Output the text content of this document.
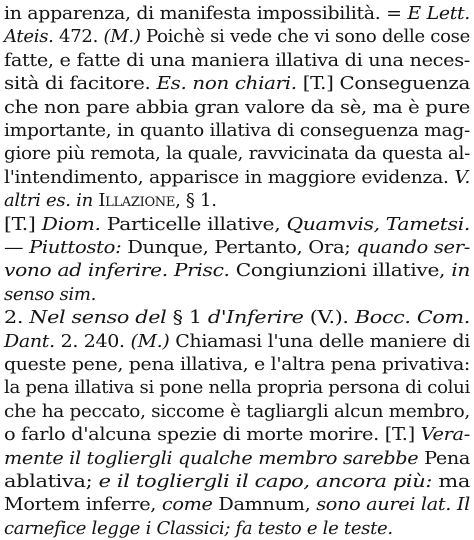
in apparenza, di manifesta impossibilità. = E Lett.
Ateis. 472. (M.) Poichè si vede che vi sono delle cose
fatte, e fatte di una maniera illativa di una neces-
sità di facitore. Es. non chiari. [T.] Conseguenza
che non pare abbia gran valore da sè, ma è pure
importante, in quanto illativa di conseguenza mag-
giore più remota, la quale, ravvicinata da questa al-
l'intendimento, apparisce in maggiore evidenza. V.
altri es. in Illazione, § 1.
[T.] Diom. Particelle illative, Quamvis, Tametsi.
— Piuttosto: Dunque, Pertanto, Ora; quando ser-
vono ad inferire. Prisc. Congiunzioni illative, in
senso sim.
2. Nel senso del § 1 d'Inferire (V.). Bocc. Com.
Dant. 2. 240. (M.) Chiamasi l'una delle maniere di
queste pene, pena illativa, e l'altra pena privativa:
la pena illativa si pone nella propria persona di colui
che ha peccato, siccome è tagliargli alcun membro,
o farlo d'alcuna spezie di morte morire. [T.] Vera-
mente il togliergli qualche membro sarebbe Pena
ablativa; e il togliergli il capo, ancora più: ma
Mortem inferre, come Damnum, sono aurei lat. Il
carnefice legge i Classici; fa testo e le teste.
